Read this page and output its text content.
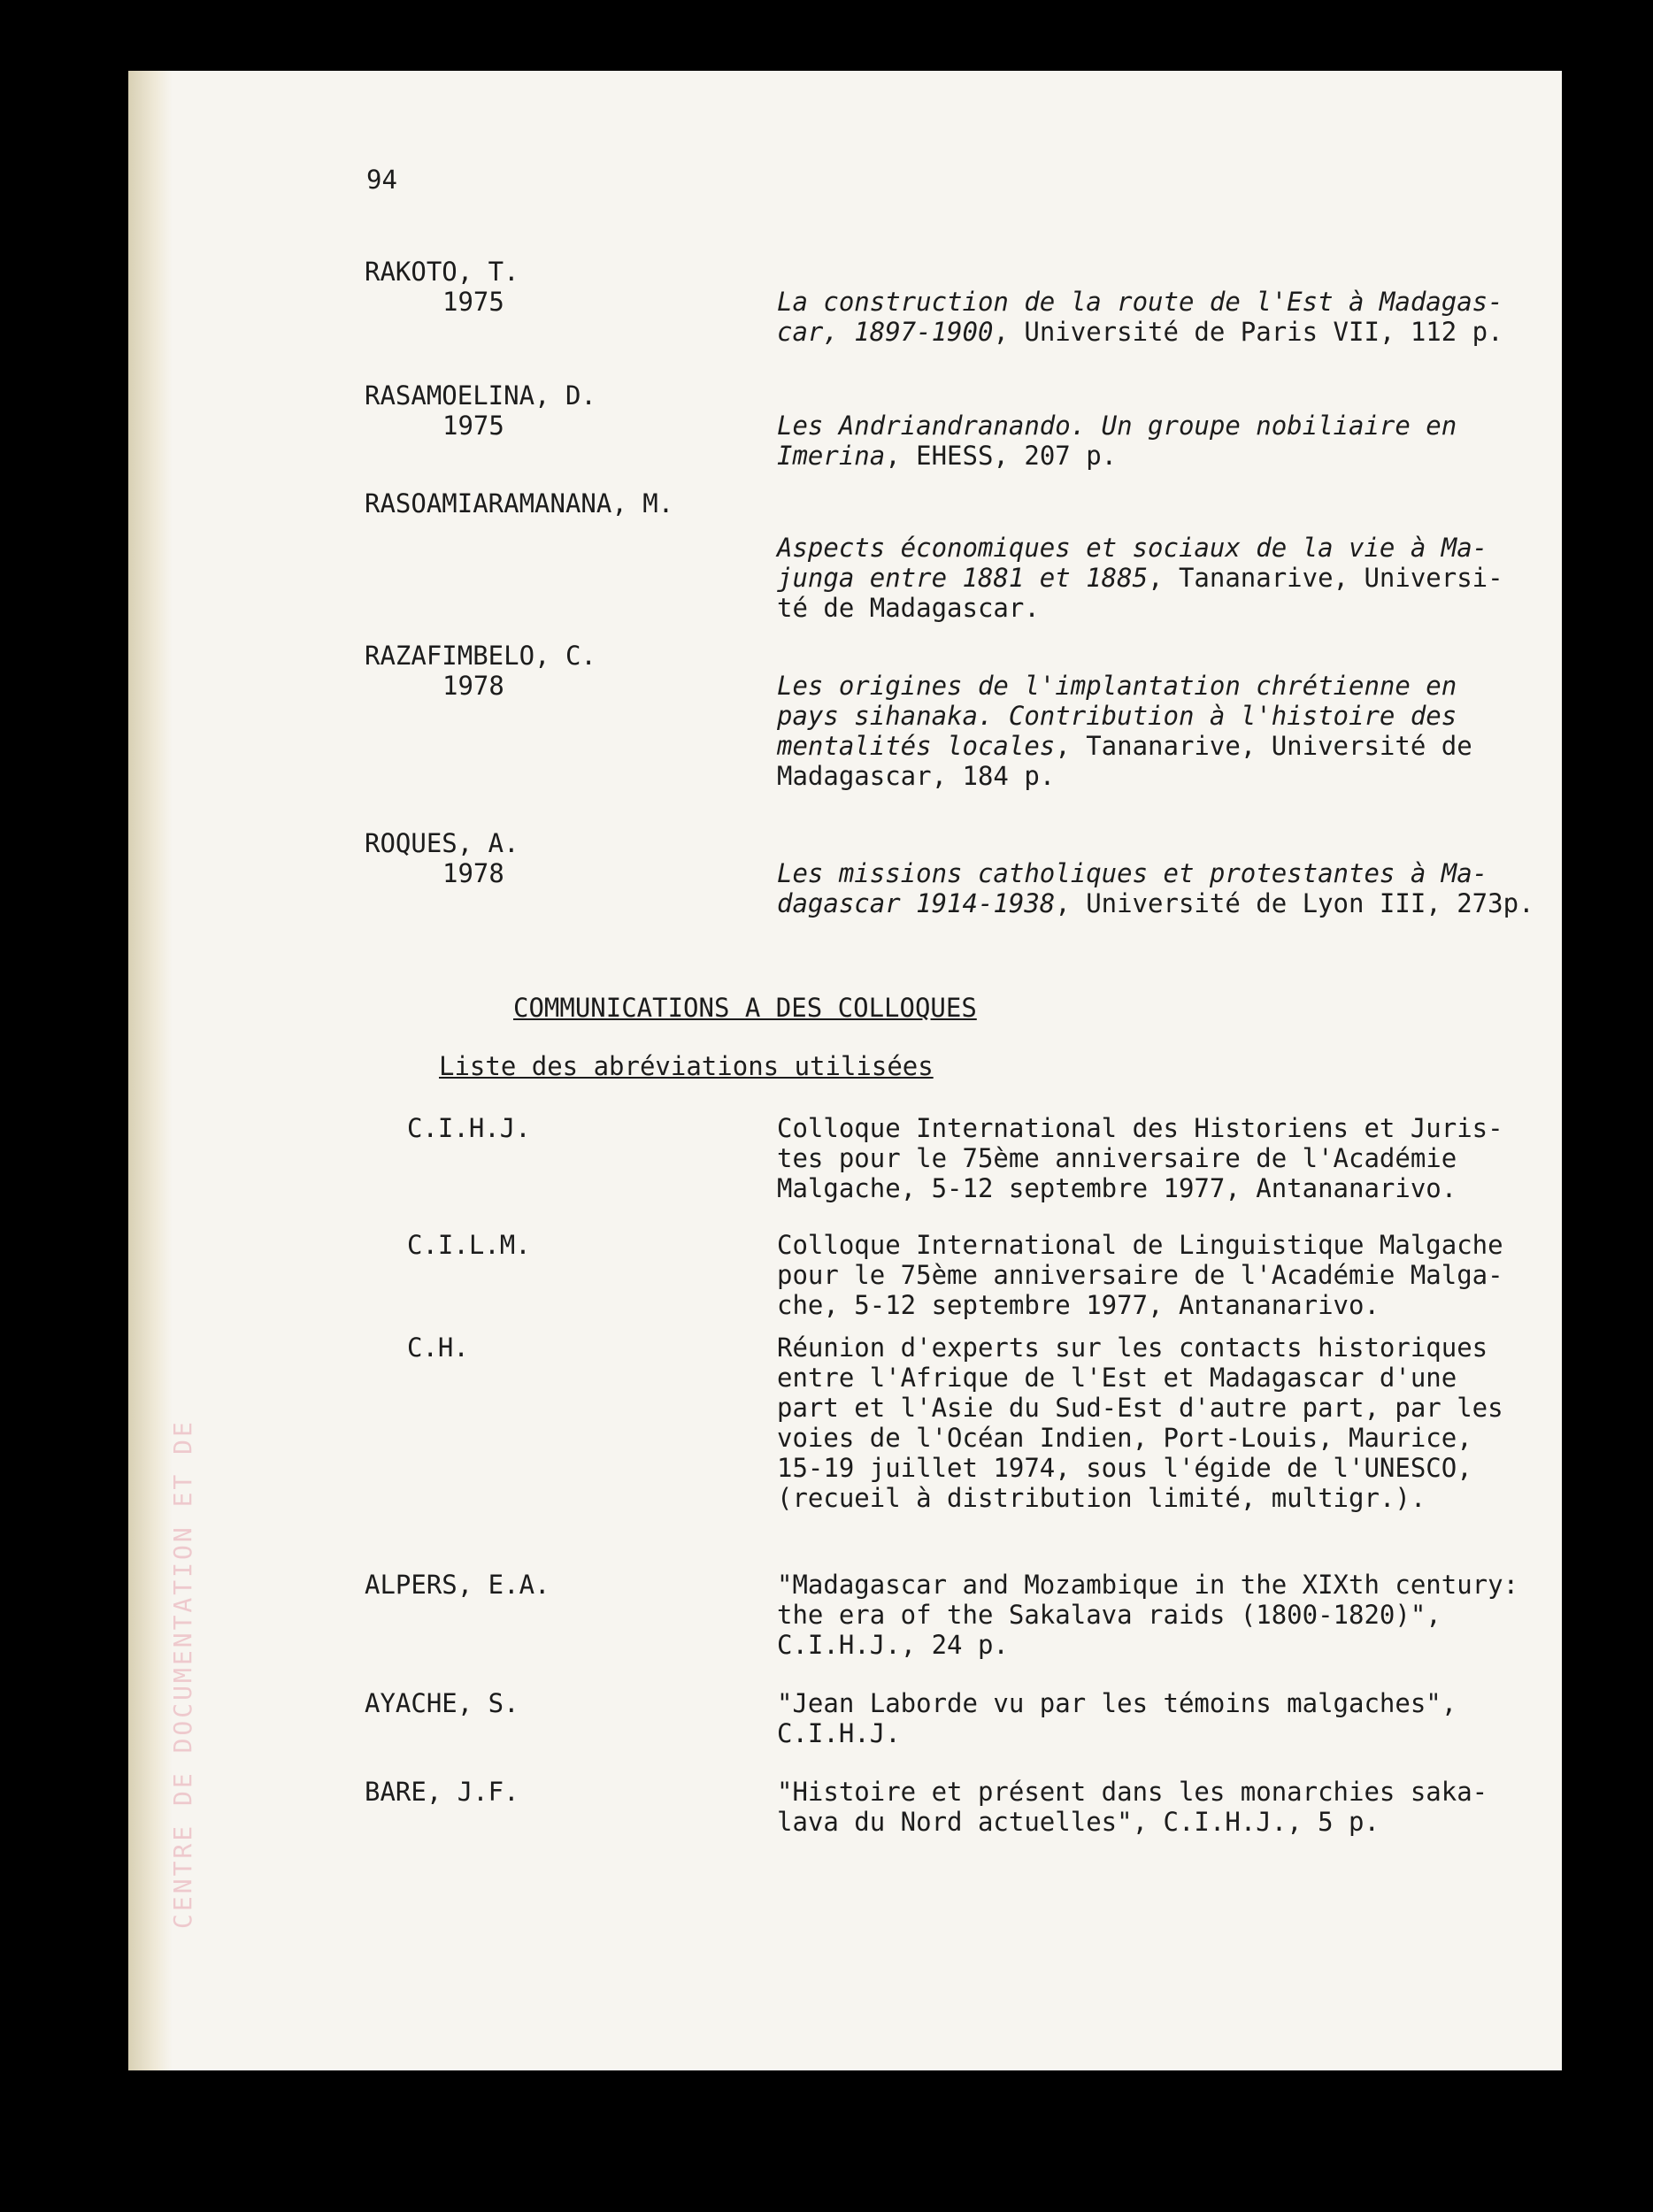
CENTRE DE DOCUMENTATION ET DE
94
RAKOTO, T.
1975	La construction de la route de l'Est à Madagas-
car, 1897-1900, Université de Paris VII, 112 p.
RASAMOELINA, D.
1975	Les Andriandranando. Un groupe nobiliaire en
Imerina, EHESS, 207 p.
RASOAMIARAMANANA, M.
Aspects économiques et sociaux de la vie à Ma-
junga entre 1881 et 1885, Tananarive, Universi-
té de Madagascar.
RAZAFIMBELO, C.
1978	Les origines de l'implantation chrétienne en
pays sihanaka. Contribution à l'histoire des
mentalités locales, Tananarive, Université de
Madagascar, 184 p.
ROQUES, A.
1978	Les missions catholiques et protestantes à Ma-
dagascar 1914-1938, Université de Lyon III, 273p.
COMMUNICATIONS A DES COLLOQUES
Liste des abréviations utilisées
C.I.H.J.	Colloque International des Historiens et Juris-
tes pour le 75ème anniversaire de l'Académie
Malgache, 5-12 septembre 1977, Antananarivo.
C.I.L.M.	Colloque International de Linguistique Malgache
pour le 75ème anniversaire de l'Académie Malga-
che, 5-12 septembre 1977, Antananarivo.
C.H.	Réunion d'experts sur les contacts historiques
entre l'Afrique de l'Est et Madagascar d'une
part et l'Asie du Sud-Est d'autre part, par les
voies de l'Océan Indien, Port-Louis, Maurice,
15-19 juillet 1974, sous l'égide de l'UNESCO,
(recueil à distribution limité, multigr.).
ALPERS, E.A.	"Madagascar and Mozambique in the XIXth century:
the era of the Sakalava raids (1800-1820)",
C.I.H.J., 24 p.
AYACHE, S.	"Jean Laborde vu par les témoins malgaches",
C.I.H.J.
BARE, J.F.	"Histoire et présent dans les monarchies saka-
lava du Nord actuelles", C.I.H.J., 5 p.
